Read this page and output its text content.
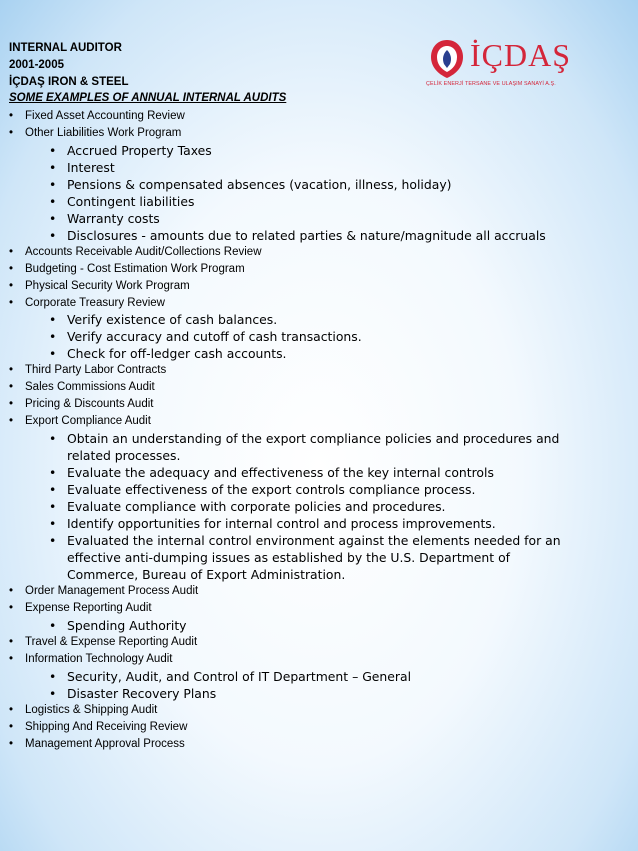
INTERNAL AUDITOR
2001-2005
İÇDAŞ IRON & STEEL
SOME EXAMPLES OF ANNUAL INTERNAL AUDITS
İÇDAŞ
ÇELİK ENERJİ TERSANE VE ULAŞIM SANAYİ A.Ş.
• Fixed Asset Accounting Review
• Other Liabilities Work Program
• Accrued Property Taxes
• Interest
• Pensions & compensated absences (vacation, illness, holiday)
• Contingent liabilities
• Warranty costs
• Disclosures - amounts due to related parties & nature/magnitude all accruals
• Accounts Receivable Audit/Collections Review
• Budgeting - Cost Estimation Work Program
• Physical Security Work Program
• Corporate Treasury Review
• Verify existence of cash balances.
• Verify accuracy and cutoff of cash transactions.
• Check for off-ledger cash accounts.
• Third Party Labor Contracts
• Sales Commissions Audit
• Pricing & Discounts Audit
• Export Compliance Audit
• Obtain an understanding of the export compliance policies and procedures and related processes.
• Evaluate the adequacy and effectiveness of the key internal controls
• Evaluate effectiveness of the export controls compliance process.
• Evaluate compliance with corporate policies and procedures.
• Identify opportunities for internal control and process improvements.
• Evaluated the internal control environment against the elements needed for an effective anti-dumping issues as established by the U.S. Department of Commerce, Bureau of Export Administration.
• Order Management Process Audit
• Expense Reporting Audit
• Spending Authority
• Travel & Expense Reporting Audit
• Information Technology Audit
• Security, Audit, and Control of IT Department – General
• Disaster Recovery Plans
• Logistics & Shipping Audit
• Shipping And Receiving Review
• Management Approval Process
